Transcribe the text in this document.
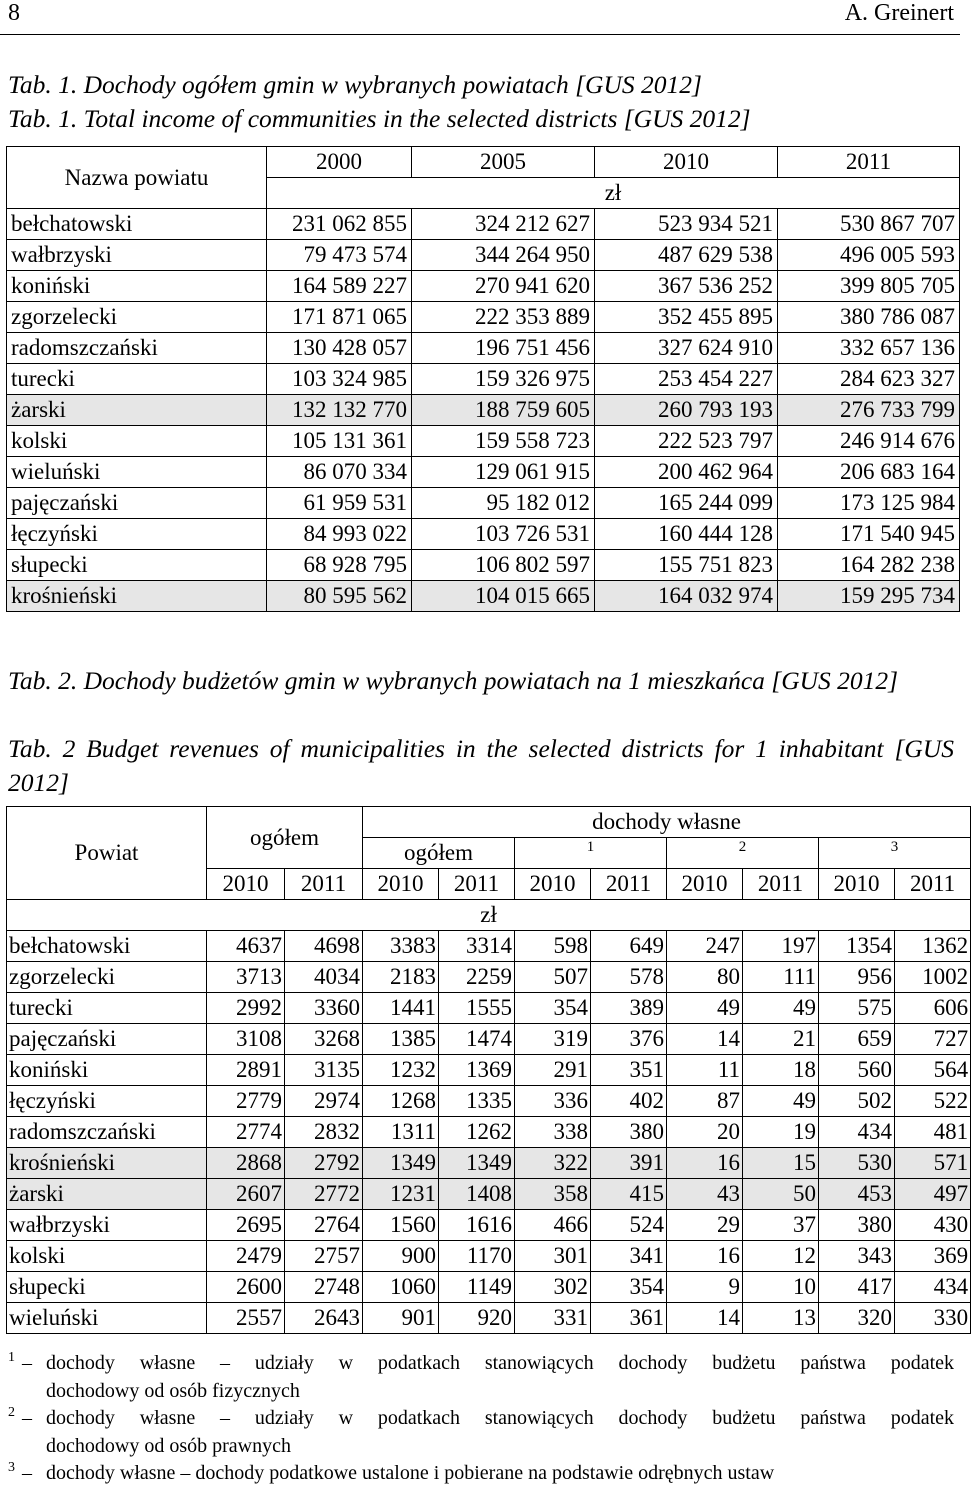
8	A. Greinert
Tab. 1. Dochody ogółem gmin w wybranych powiatach [GUS 2012]
Tab. 1. Total income of communities in the selected districts [GUS 2012]
Nazwa powiatu	2000	2005	2010	2011
	zł			
bełchatowski	231 062 855	324 212 627	523 934 521	530 867 707
wałbrzyski	79 473 574	344 264 950	487 629 538	496 005 593
koniński	164 589 227	270 941 620	367 536 252	399 805 705
zgorzelecki	171 871 065	222 353 889	352 455 895	380 786 087
radomszczański	130 428 057	196 751 456	327 624 910	332 657 136
turecki	103 324 985	159 326 975	253 454 227	284 623 327
żarski	132 132 770	188 759 605	260 793 193	276 733 799
kolski	105 131 361	159 558 723	222 523 797	246 914 676
wieluński	86 070 334	129 061 915	200 462 964	206 683 164
pajęczański	61 959 531	95 182 012	165 244 099	173 125 984
łęczyński	84 993 022	103 726 531	160 444 128	171 540 945
słupecki	68 928 795	106 802 597	155 751 823	164 282 238
krośnieński	80 595 562	104 015 665	164 032 974	159 295 734
Tab. 2. Dochody budżetów gmin w wybranych powiatach na 1 mieszkańca [GUS 2012]
Tab. 2 Budget revenues of municipalities in the selected districts for 1 inhabitant [GUS 2012]
Powiat	ogółem		dochody własne							
			ogółem		1		2		3	
	2010	2011	2010	2011	2010	2011	2010	2011	2010	2011
zł										
bełchatowski	4637	4698	3383	3314	598	649	247	197	1354	1362
zgorzelecki	3713	4034	2183	2259	507	578	80	111	956	1002
turecki	2992	3360	1441	1555	354	389	49	49	575	606
pajęczański	3108	3268	1385	1474	319	376	14	21	659	727
koniński	2891	3135	1232	1369	291	351	11	18	560	564
łęczyński	2779	2974	1268	1335	336	402	87	49	502	522
radomszczański	2774	2832	1311	1262	338	380	20	19	434	481
krośnieński	2868	2792	1349	1349	322	391	16	15	530	571
żarski	2607	2772	1231	1408	358	415	43	50	453	497
wałbrzyski	2695	2764	1560	1616	466	524	29	37	380	430
kolski	2479	2757	900	1170	301	341	16	12	343	369
słupecki	2600	2748	1060	1149	302	354	9	10	417	434
wieluński	2557	2643	901	920	331	361	14	13	320	330
1 – dochody własne – udziały w podatkach stanowiących dochody budżetu państwa podatek
dochodowy od osób fizycznych
2 – dochody własne – udziały w podatkach stanowiących dochody budżetu państwa podatek
dochodowy od osób prawnych
3 – dochody własne – dochody podatkowe ustalone i pobierane na podstawie odrębnych ustaw
